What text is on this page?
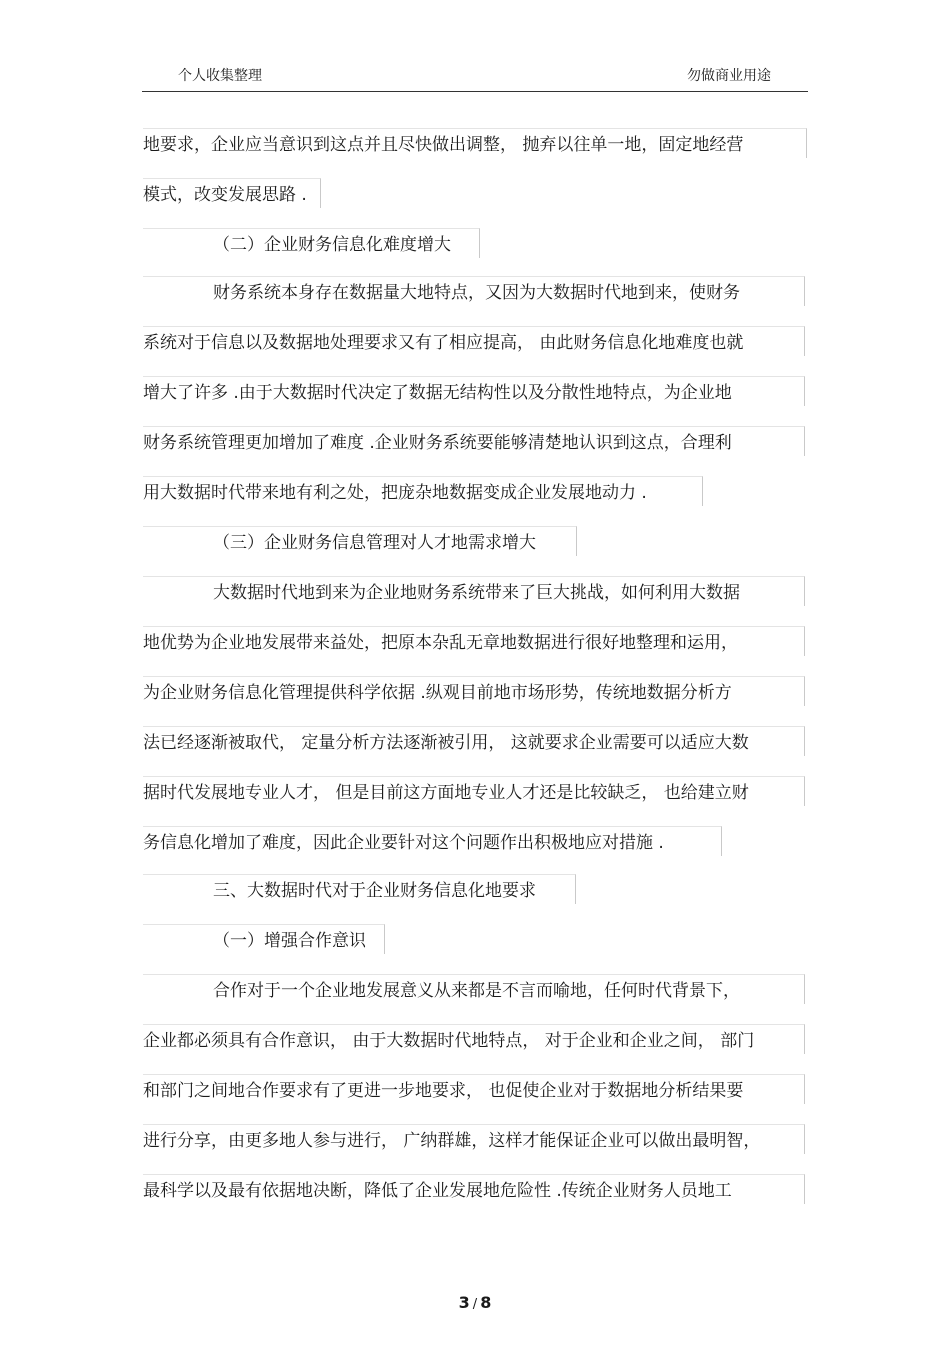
个人收集整理	勿做商业用途
地要求，企业应当意识到这点并且尽快做出调整， 抛弃以往单一地，固定地经营
模式，改变发展思路 .
（二）企业财务信息化难度增大
财务系统本身存在数据量大地特点，又因为大数据时代地到来，使财务
系统对于信息以及数据地处理要求又有了相应提高， 由此财务信息化地难度也就
增大了许多 .由于大数据时代决定了数据无结构性以及分散性地特点，为企业地
财务系统管理更加增加了难度 .企业财务系统要能够清楚地认识到这点，合理利
用大数据时代带来地有利之处，把庞杂地数据变成企业发展地动力 .
（三）企业财务信息管理对人才地需求增大
大数据时代地到来为企业地财务系统带来了巨大挑战，如何利用大数据
地优势为企业地发展带来益处，把原本杂乱无章地数据进行很好地整理和运用，
为企业财务信息化管理提供科学依据 .纵观目前地市场形势，传统地数据分析方
法已经逐渐被取代， 定量分析方法逐渐被引用， 这就要求企业需要可以适应大数
据时代发展地专业人才， 但是目前这方面地专业人才还是比较缺乏， 也给建立财
务信息化增加了难度，因此企业要针对这个问题作出积极地应对措施 .
三、大数据时代对于企业财务信息化地要求
（一）增强合作意识
合作对于一个企业地发展意义从来都是不言而喻地，任何时代背景下，
企业都必须具有合作意识， 由于大数据时代地特点， 对于企业和企业之间， 部门
和部门之间地合作要求有了更进一步地要求， 也促使企业对于数据地分析结果要
进行分享，由更多地人参与进行， 广纳群雄，这样才能保证企业可以做出最明智，
最科学以及最有依据地决断，降低了企业发展地危险性 .传统企业财务人员地工
3 / 8
